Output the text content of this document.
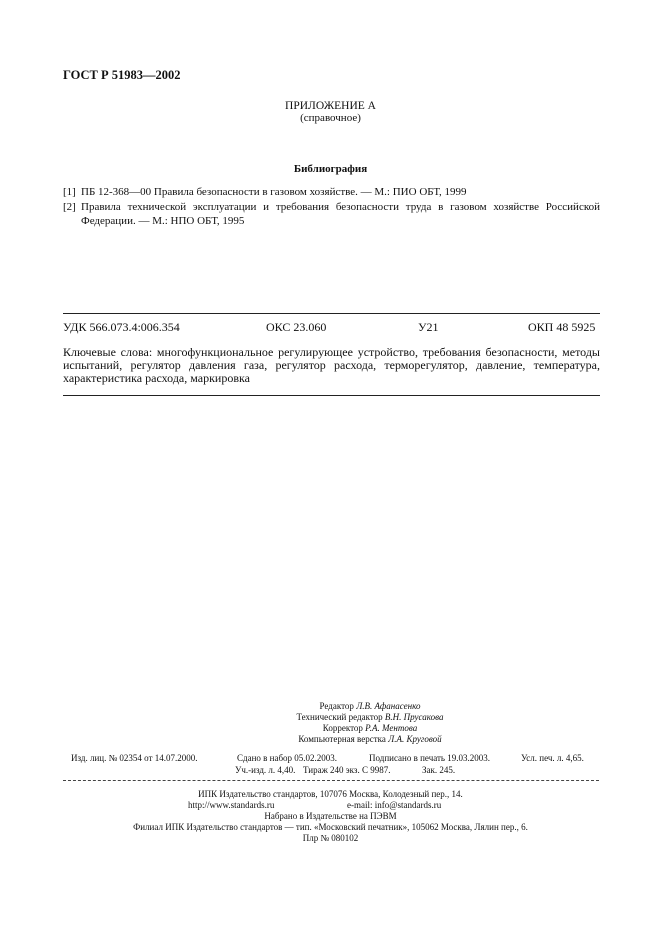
ГОСТ Р 51983—2002
ПРИЛОЖЕНИЕ А
(справочное)
Библиография
[1] ПБ 12-368—00 Правила безопасности в газовом хозяйстве. — М.: ПИО ОБТ, 1999
[2] Правила технической эксплуатации и требования безопасности труда в газовом хозяйстве Российской Федерации. — М.: НПО ОБТ, 1995
УДК 566.073.4:006.354	ОКС 23.060	У21	ОКП 48 5925
Ключевые слова: многофункциональное регулирующее устройство, требования безопасности, методы испытаний, регулятор давления газа, регулятор расхода, терморегулятор, давление, температура, характеристика расхода, маркировка
Редактор Л.В. Афанасенко
Технический редактор В.Н. Прусакова
Корректор Р.А. Ментова
Компьютерная верстка Л.А. Круговой
Изд. лиц. № 02354 от 14.07.2000.	Сдано в набор 05.02.2003.	Подписано в печать 19.03.2003.	Усл. печ. л. 4,65.
Уч.-изд. л. 4,40. Тираж 240 экз. С 9987.	Зак. 245.
ИПК Издательство стандартов, 107076 Москва, Колодезный пер., 14.
http://www.standards.ru	e-mail: info@standards.ru
Набрано в Издательстве на ПЭВМ
Филиал ИПК Издательство стандартов — тип. «Московский печатник», 105062 Москва, Лялин пер., 6.
Плр № 080102
